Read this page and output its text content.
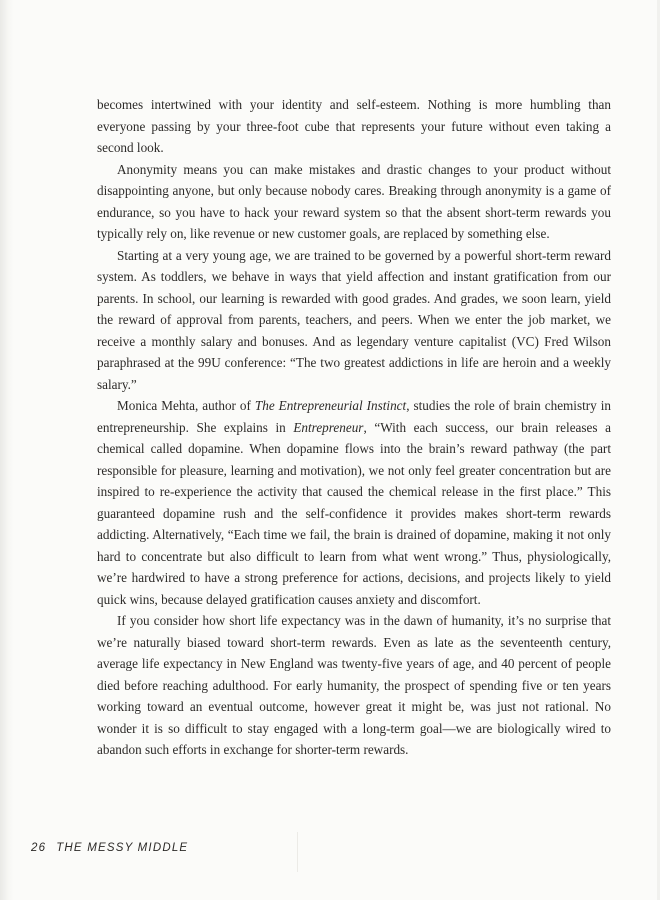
becomes intertwined with your identity and self-esteem. Nothing is more humbling than everyone passing by your three-foot cube that represents your future without even taking a second look.

Anonymity means you can make mistakes and drastic changes to your product without disappointing anyone, but only because nobody cares. Breaking through anonymity is a game of endurance, so you have to hack your reward system so that the absent short-term rewards you typically rely on, like revenue or new customer goals, are replaced by something else.

Starting at a very young age, we are trained to be governed by a powerful short-term reward system. As toddlers, we behave in ways that yield affection and instant gratification from our parents. In school, our learning is rewarded with good grades. And grades, we soon learn, yield the reward of approval from parents, teachers, and peers. When we enter the job market, we receive a monthly salary and bonuses. And as legendary venture capitalist (VC) Fred Wilson paraphrased at the 99U conference: “The two greatest addictions in life are heroin and a weekly salary.”

Monica Mehta, author of The Entrepreneurial Instinct, studies the role of brain chemistry in entrepreneurship. She explains in Entrepreneur, “With each success, our brain releases a chemical called dopamine. When dopamine flows into the brain’s reward pathway (the part responsible for pleasure, learning and motivation), we not only feel greater concentration but are inspired to re-experience the activity that caused the chemical release in the first place.” This guaranteed dopamine rush and the self-confidence it provides makes short-term rewards addicting. Alternatively, “Each time we fail, the brain is drained of dopamine, making it not only hard to concentrate but also difficult to learn from what went wrong.” Thus, physiologically, we’re hardwired to have a strong preference for actions, decisions, and projects likely to yield quick wins, because delayed gratification causes anxiety and discomfort.

If you consider how short life expectancy was in the dawn of humanity, it’s no surprise that we’re naturally biased toward short-term rewards. Even as late as the seventeenth century, average life expectancy in New England was twenty-five years of age, and 40 percent of people died before reaching adulthood. For early humanity, the prospect of spending five or ten years working toward an eventual outcome, however great it might be, was just not rational. No wonder it is so difficult to stay engaged with a long-term goal—we are biologically wired to abandon such efforts in exchange for shorter-term rewards.

26 THE MESSY MIDDLE
